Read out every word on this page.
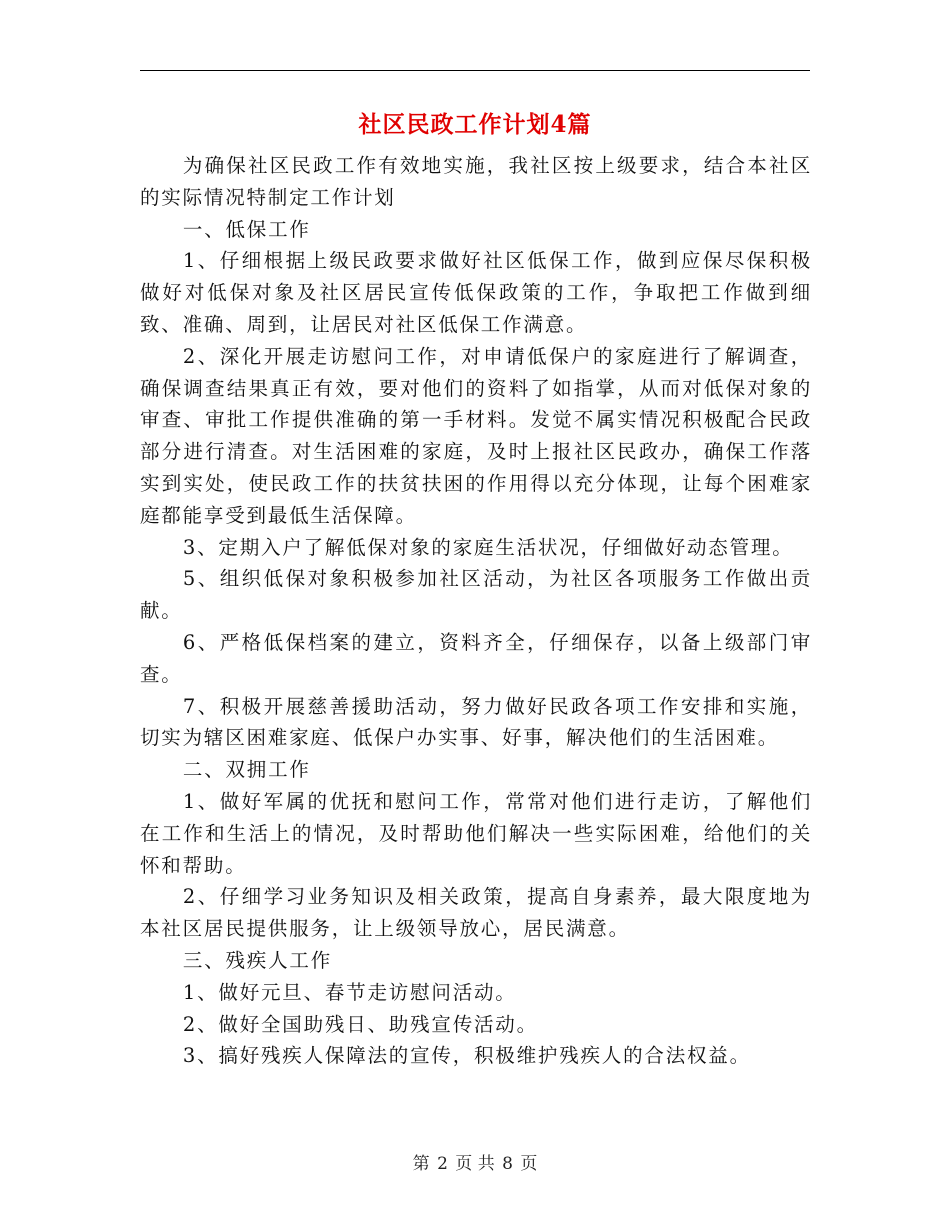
社区民政工作计划4篇

为确保社区民政工作有效地实施，我社区按上级要求，结合本社区的实际情况特制定工作计划

一、低保工作

1、仔细根据上级民政要求做好社区低保工作，做到应保尽保积极做好对低保对象及社区居民宣传低保政策的工作，争取把工作做到细致、准确、周到，让居民对社区低保工作满意。

2、深化开展走访慰问工作，对申请低保户的家庭进行了解调查，确保调查结果真正有效，要对他们的资料了如指掌，从而对低保对象的审查、审批工作提供准确的第一手材料。发觉不属实情况积极配合民政部分进行清查。对生活困难的家庭，及时上报社区民政办，确保工作落实到实处，使民政工作的扶贫扶困的作用得以充分体现，让每个困难家庭都能享受到最低生活保障。

3、定期入户了解低保对象的家庭生活状况，仔细做好动态管理。

5、组织低保对象积极参加社区活动，为社区各项服务工作做出贡献。

6、严格低保档案的建立，资料齐全，仔细保存，以备上级部门审查。

7、积极开展慈善援助活动，努力做好民政各项工作安排和实施，切实为辖区困难家庭、低保户办实事、好事，解决他们的生活困难。

二、双拥工作

1、做好军属的优抚和慰问工作，常常对他们进行走访，了解他们在工作和生活上的情况，及时帮助他们解决一些实际困难，给他们的关怀和帮助。

2、仔细学习业务知识及相关政策，提高自身素养，最大限度地为本社区居民提供服务，让上级领导放心，居民满意。

三、残疾人工作

1、做好元旦、春节走访慰问活动。

2、做好全国助残日、助残宣传活动。

3、搞好残疾人保障法的宣传，积极维护残疾人的合法权益。

第 2 页 共 8 页
